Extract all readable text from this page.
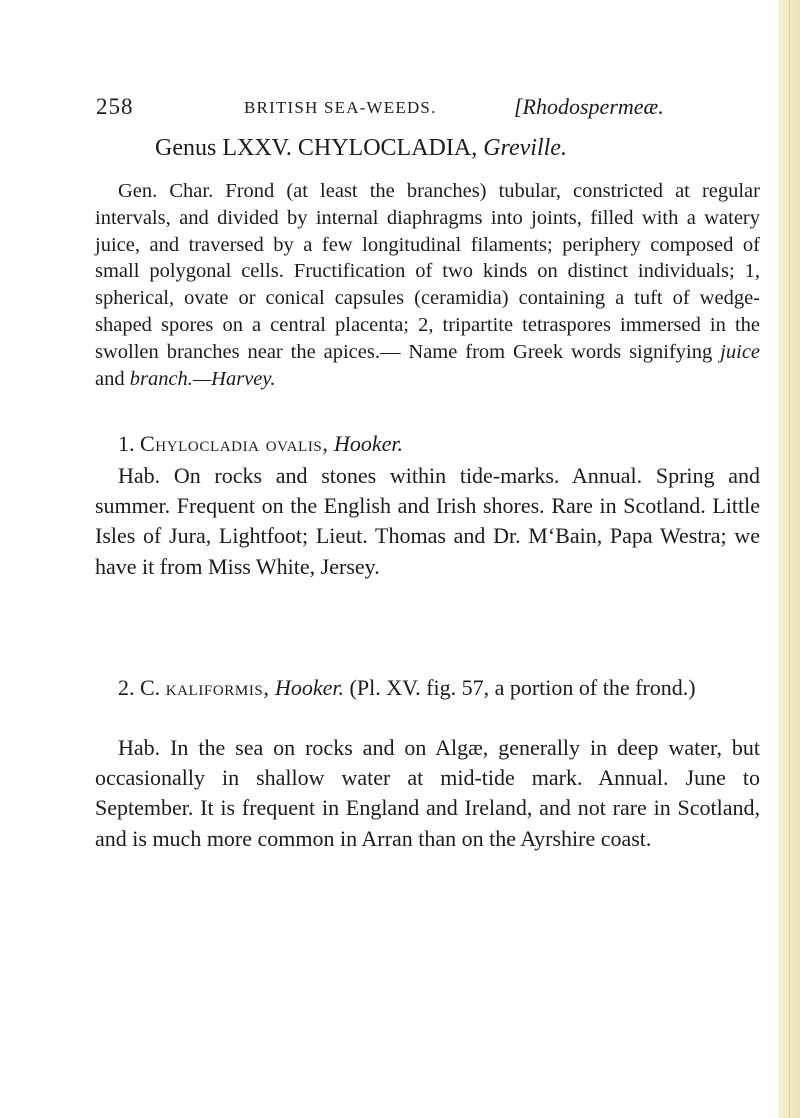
258	BRITISH SEA-WEEDS.	[Rhodospermeæ.
Genus LXXV. CHYLOCLADIA, Greville.

Gen. Char. Frond (at least the branches) tubular, constricted at regular intervals, and divided by internal diaphragms into joints, filled with a watery juice, and traversed by a few longitudinal filaments; periphery composed of small polygonal cells. Fructification of two kinds on distinct individuals; 1, spherical, ovate or conical capsules (ceramidia) containing a tuft of wedge-shaped spores on a central placenta; 2, tripartite tetraspores immersed in the swollen branches near the apices.— Name from Greek words signifying juice and branch.—Harvey.

1. Chylocladia ovalis, Hooker.

Hab. On rocks and stones within tide-marks. Annual. Spring and summer. Frequent on the English and Irish shores. Rare in Scotland. Little Isles of Jura, Lightfoot; Lieut. Thomas and Dr. M‘Bain, Papa Westra; we have it from Miss White, Jersey.

2. C. kaliformis, Hooker. (Pl. XV. fig. 57, a portion of the frond.)

Hab. In the sea on rocks and on Algæ, generally in deep water, but occasionally in shallow water at mid-tide mark. Annual. June to September. It is frequent in England and Ireland, and not rare in Scotland, and is much more common in Arran than on the Ayrshire coast.
